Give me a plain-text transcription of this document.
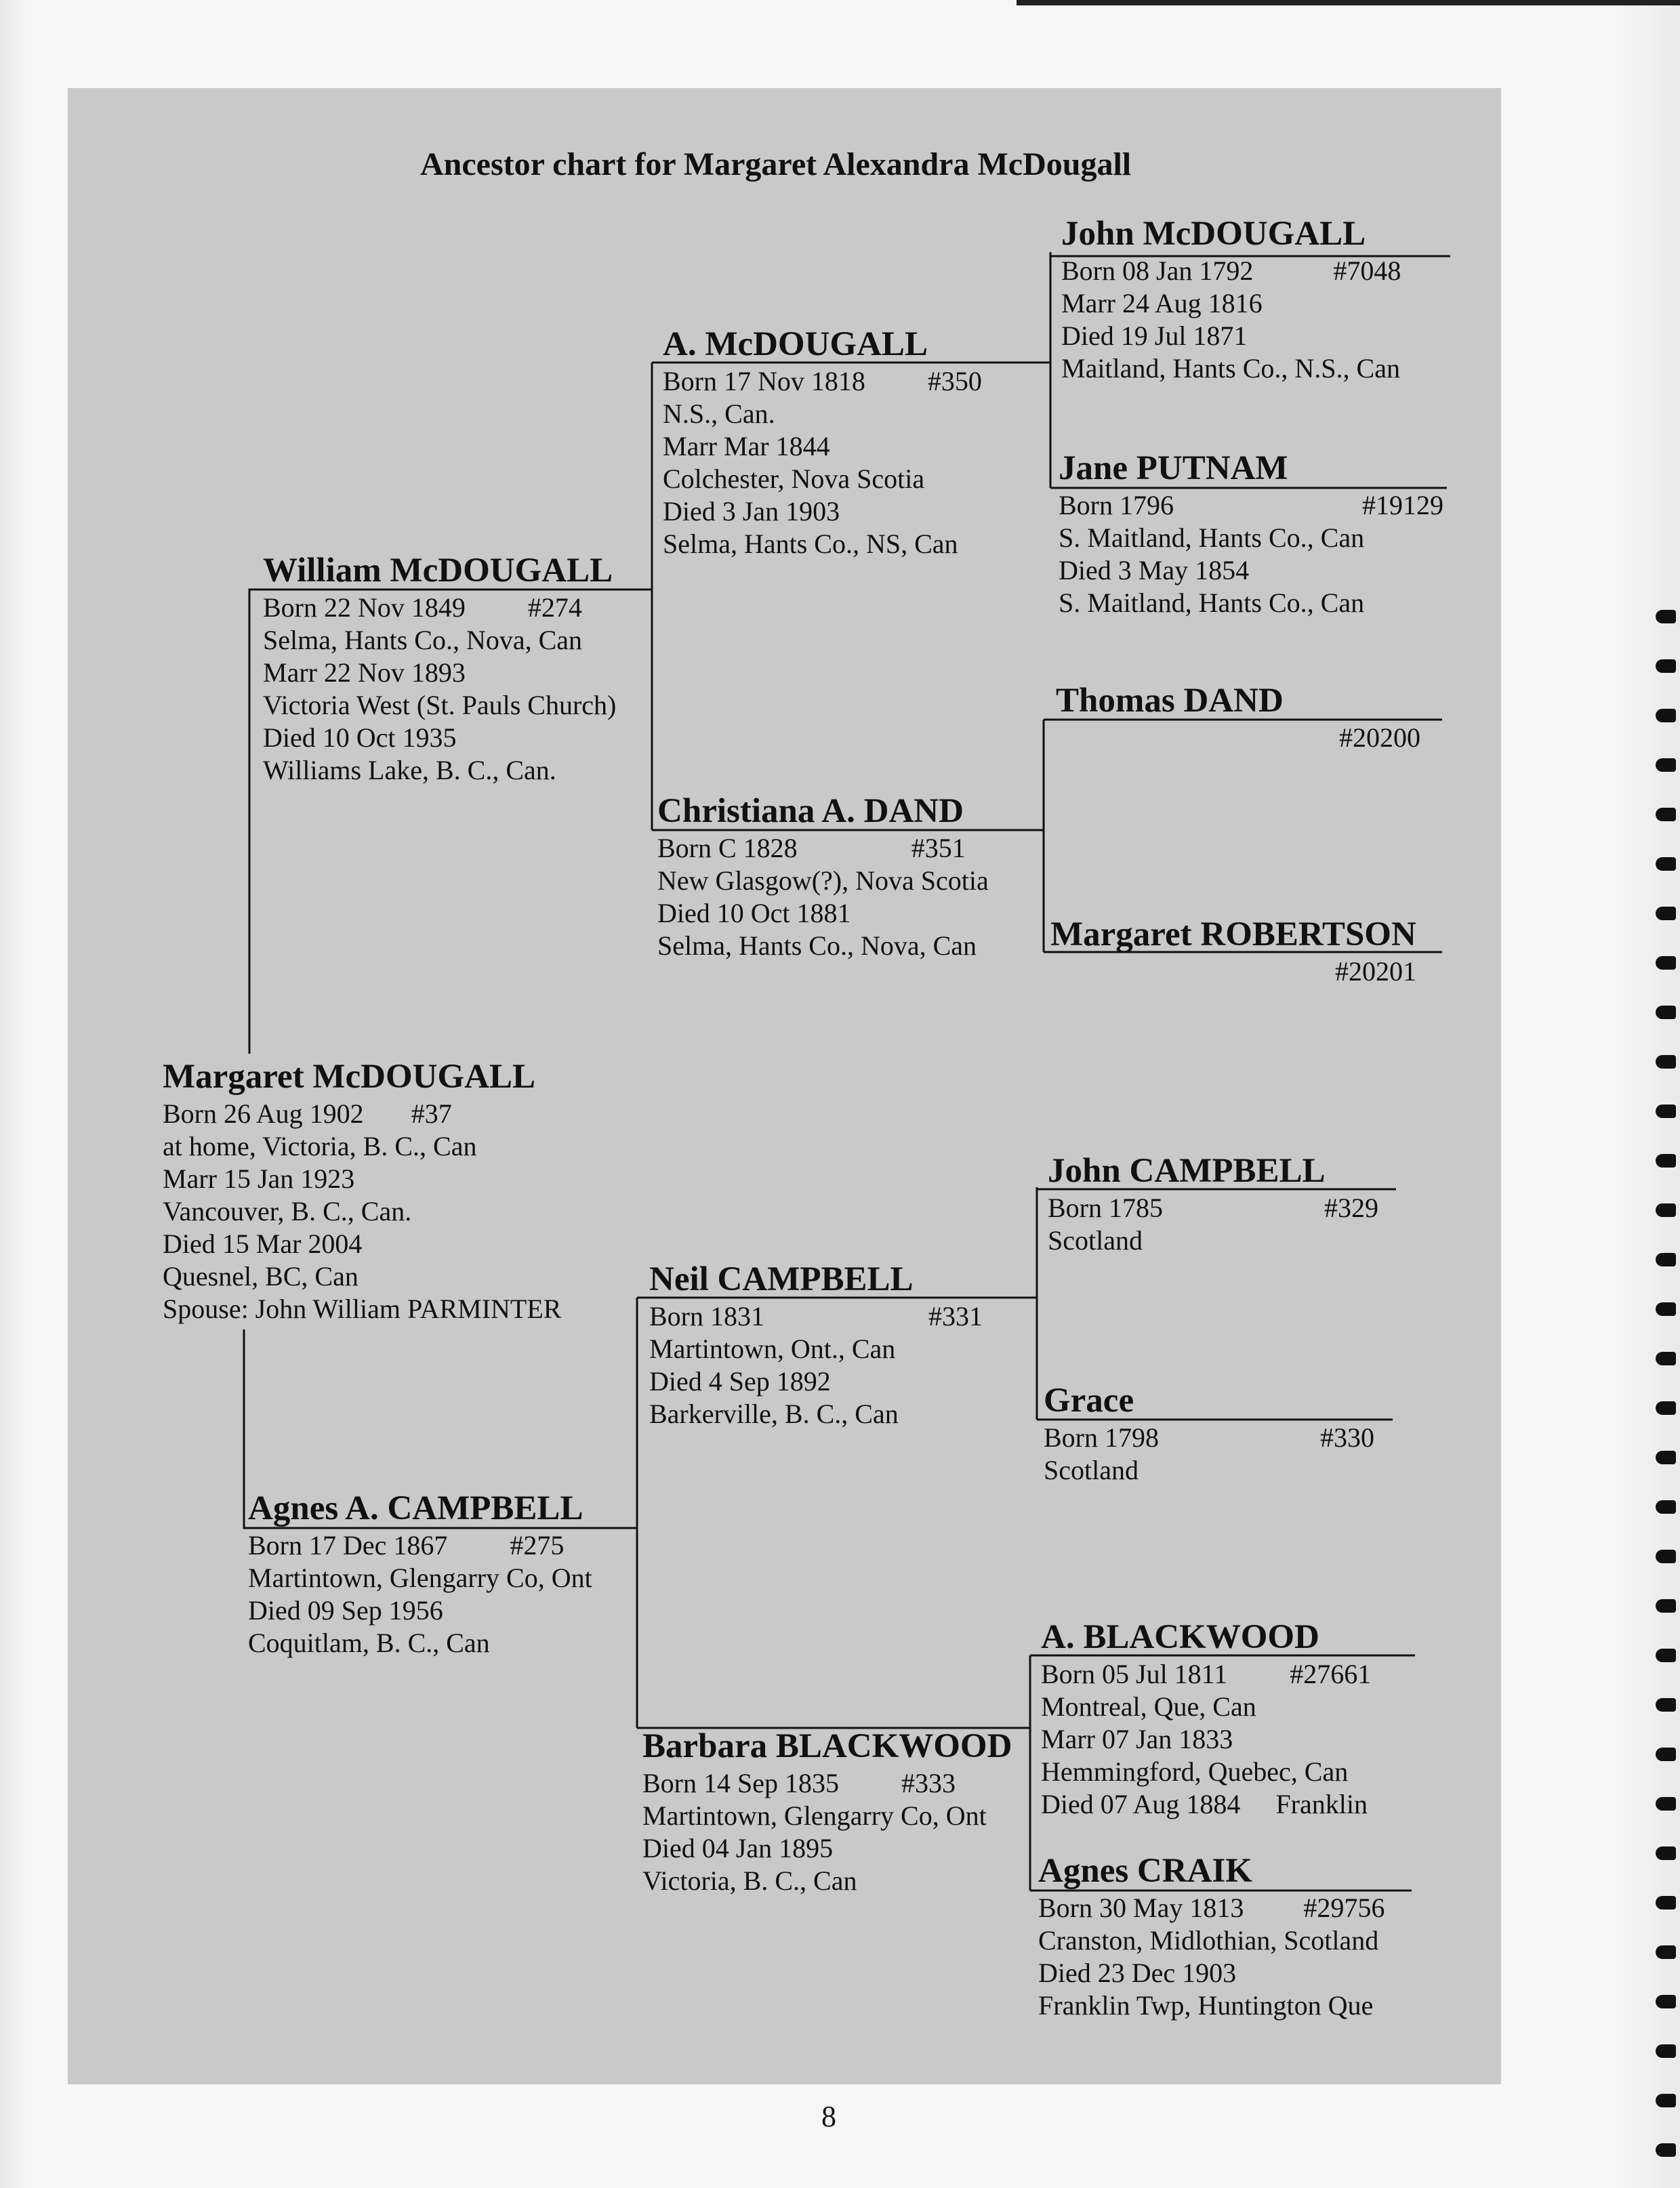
Ancestor chart for Margaret Alexandra McDougall
Margaret McDOUGALL
Born 26 Aug 1902 #37
at home, Victoria, B. C., Can
Marr 15 Jan 1923
Vancouver, B. C., Can.
Died 15 Mar 2004
Quesnel, BC, Can
Spouse: John William PARMINTER
William McDOUGALL
Born 22 Nov 1849 #274
Selma, Hants Co., Nova, Can
Marr 22 Nov 1893
Victoria West (St. Pauls Church)
Died 10 Oct 1935
Williams Lake, B. C., Can.
Agnes A. CAMPBELL
Born 17 Dec 1867 #275
Martintown, Glengarry Co, Ont
Died 09 Sep 1956
Coquitlam, B. C., Can
A. McDOUGALL
Born 17 Nov 1818 #350
N.S., Can.
Marr Mar 1844
Colchester, Nova Scotia
Died 3 Jan 1903
Selma, Hants Co., NS, Can
Christiana A. DAND
Born C 1828	#351
New Glasgow(?), Nova Scotia
Died 10 Oct 1881
Selma, Hants Co., Nova, Can
Neil CAMPBELL
Born 1831	#331
Martintown, Ont., Can
Died 4 Sep 1892
Barkerville, B. C., Can
Barbara BLACKWOOD
Born 14 Sep 1835 #333
Martintown, Glengarry Co, Ont
Died 04 Jan 1895
Victoria, B. C., Can
John McDOUGALL
Born 08 Jan 1792	#7048
Marr 24 Aug 1816
Died 19 Jul 1871
Maitland, Hants Co., N.S., Can
Jane PUTNAM
Born 1796	#19129
S. Maitland, Hants Co., Can
Died 3 May 1854
S. Maitland, Hants Co., Can
Thomas DAND
#20200
Margaret ROBERTSON
#20201
John CAMPBELL
Born 1785	#329
Scotland
Grace
Born 1798	#330
Scotland
A. BLACKWOOD
Born 05 Jul 1811 #27661
Montreal, Que, Can
Marr 07 Jan 1833
Hemmingford, Quebec, Can
Died 07 Aug 1884 Franklin
Agnes CRAIK
Born 30 May 1813 #29756
Cranston, Midlothian, Scotland
Died 23 Dec 1903
Franklin Twp, Huntington Que
8
